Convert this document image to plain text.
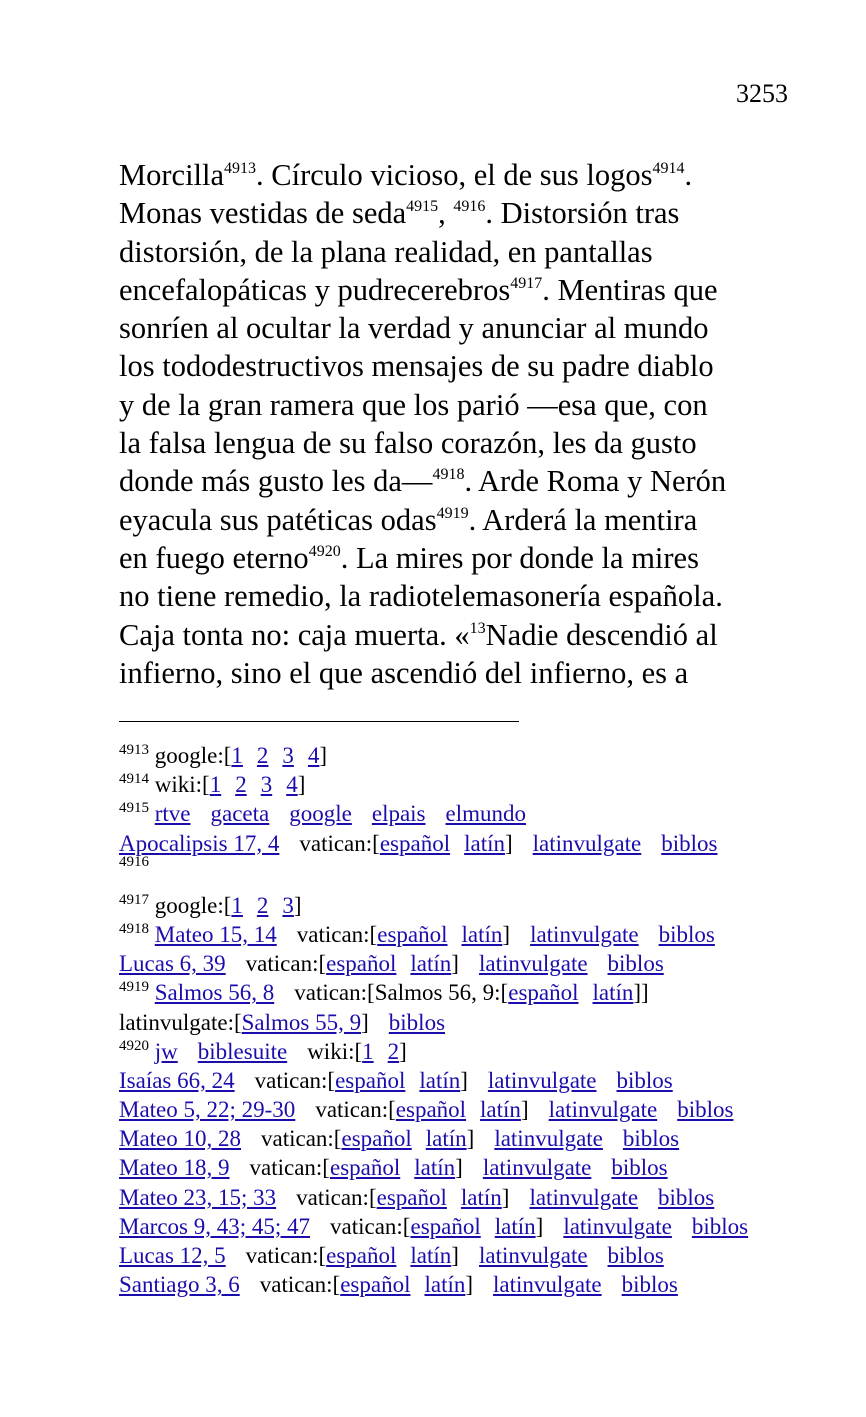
3253
Morcilla$^{4913}$. Círculo vicioso, el de sus logos$^{4914}$.
Monas vestidas de seda$^{4915}$, $^{4916}$. Distorsión tras
distorsión, de la plana realidad, en pantallas
encefalopáticas y pudrecerebros$^{4917}$. Mentiras que
sonríen al ocultar la verdad y anunciar al mundo
los tododestructivos mensajes de su padre diablo
y de la gran ramera que los parió —esa que, con
la falsa lengua de su falso corazón, les da gusto
donde más gusto les da—$^{4918}$. Arde Roma y Nerón
eyacula sus patéticas odas$^{4919}$. Arderá la mentira
en fuego eterno$^{4920}$. La mires por donde la mires
no tiene remedio, la radiotelemasonería española.
Caja tonta no: caja muerta. «$^{13}$Nadie descendió al
infierno, sino el que ascendió del infierno, es a
$^{4913}$ google:[1 2 3 4]
$^{4914}$ wiki:[1 2 3 4]
$^{4915}$ rtve gaceta google elpais elmundo
Apocalipsis 17, 4 vatican:[español latín] latinvulgate biblos
$^{4916}$
$^{4917}$ google:[1 2 3]
$^{4918}$ Mateo 15, 14 vatican:[español latín] latinvulgate biblos
Lucas 6, 39 vatican:[español latín] latinvulgate biblos
$^{4919}$ Salmos 56, 8 vatican:[Salmos 56, 9:[español latín]]
latinvulgate:[Salmos 55, 9] biblos
$^{4920}$ jw biblesuite wiki:[1 2]
Isaías 66, 24 vatican:[español latín] latinvulgate biblos
Mateo 5, 22; 29-30 vatican:[español latín] latinvulgate biblos
Mateo 10, 28 vatican:[español latín] latinvulgate biblos
Mateo 18, 9 vatican:[español latín] latinvulgate biblos
Mateo 23, 15; 33 vatican:[español latín] latinvulgate biblos
Marcos 9, 43; 45; 47 vatican:[español latín] latinvulgate biblos
Lucas 12, 5 vatican:[español latín] latinvulgate biblos
Santiago 3, 6 vatican:[español latín] latinvulgate biblos
